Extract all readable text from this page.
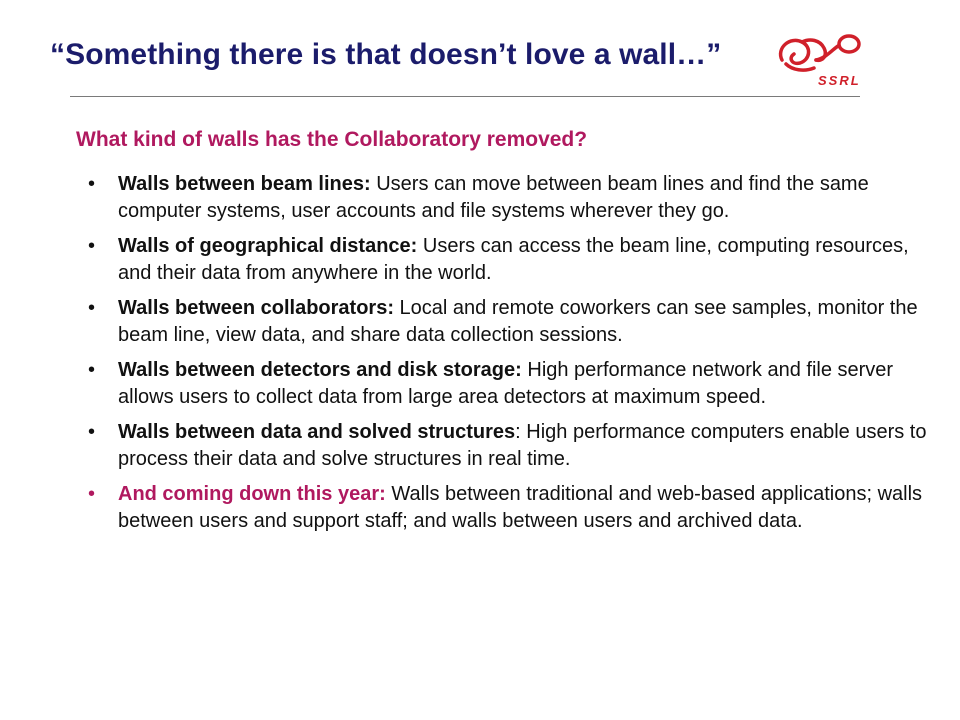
“Something there is that doesn’t love a wall…”
SSRL
What kind of walls has the Collaboratory removed?
• Walls between beam lines: Users can move between beam lines and find the same computer systems, user accounts and file systems wherever they go.
• Walls of geographical distance: Users can access the beam line, computing resources, and their data from anywhere in the world.
• Walls between collaborators: Local and remote coworkers can see samples, monitor the beam line, view data, and share data collection sessions.
• Walls between detectors and disk storage: High performance network and file server allows users to collect data from large area detectors at maximum speed.
• Walls between data and solved structures: High performance computers enable users to process their data and solve structures in real time.
• And coming down this year: Walls between traditional and web-based applications; walls between users and support staff; and walls between users and archived data.
